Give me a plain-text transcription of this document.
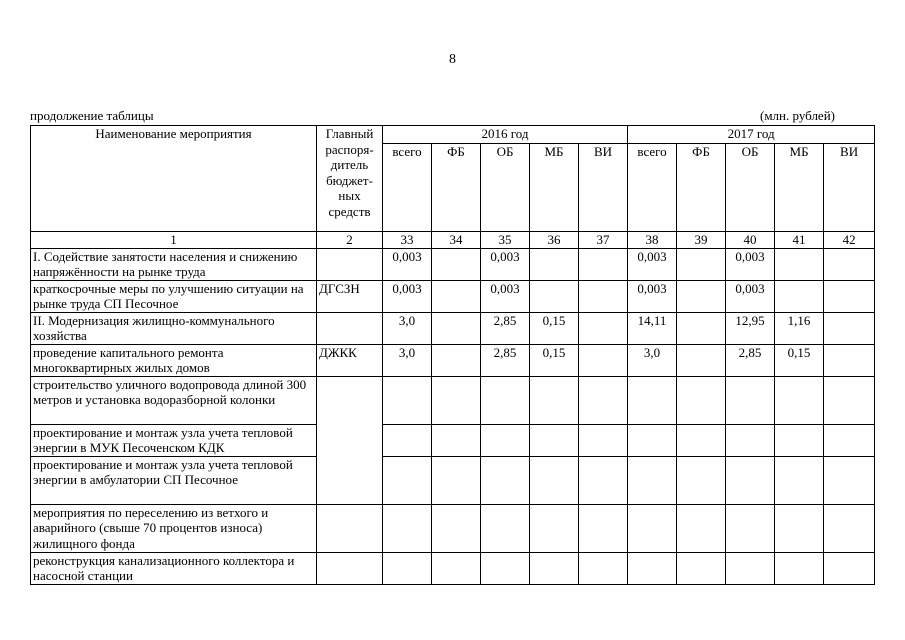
8
продолжение таблицы	(млн. рублей)
Наименование мероприятия	Главный распоря-дитель бюджет-ных средств	2016 год					2017 год				
		всего	ФБ	ОБ	МБ	ВИ	всего	ФБ	ОБ	МБ	ВИ
1	2	33	34	35	36	37	38	39	40	41	42
I. Содействие занятости населения и снижению напряжённости на рынке труда		0,003		0,003			0,003		0,003		
краткосрочные меры по улучшению ситуации на рынке труда СП Песочное	ДГСЗН	0,003		0,003			0,003		0,003		
II. Модернизация жилищно-коммунального хозяйства		3,0		2,85	0,15		14,11		12,95	1,16	
проведение капитального ремонта многоквартирных жилых домов	ДЖКК	3,0		2,85	0,15		3,0		2,85	0,15	
строительство уличного водопровода длиной 300 метров и установка водоразборной колонки											
проектирование и монтаж узла учета тепловой энергии в МУК Песоченском КДК											
проектирование и монтаж узла учета тепловой энергии в амбулатории СП Песочное											
мероприятия по переселению из ветхого и аварийного (свыше 70 процентов износа) жилищного фонда											
реконструкция канализационного коллектора и насосной станции											
